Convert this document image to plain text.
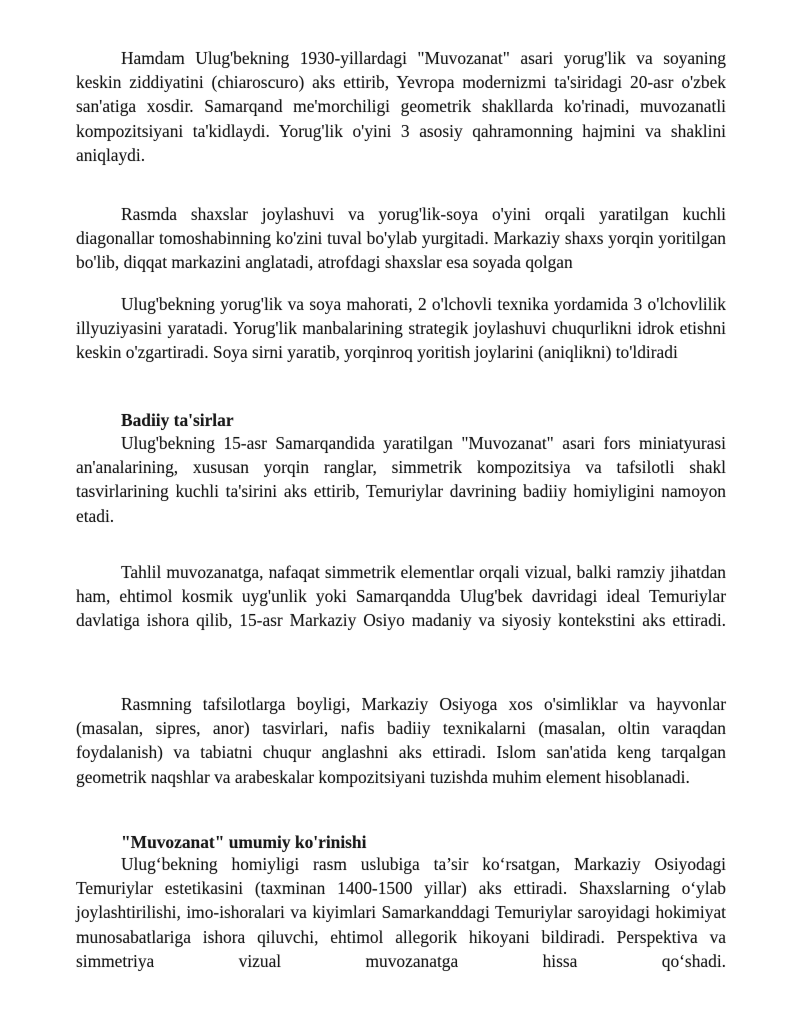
Hamdam Ulug'bekning 1930-yillardagi "Muvozanat" asari yorug'lik va soyaning keskin ziddiyatini (chiaroscuro) aks ettirib, Yevropa modernizmi ta'siridagi 20-asr o'zbek san'atiga xosdir. Samarqand me'morchiligi geometrik shakllarda ko'rinadi, muvozanatli kompozitsiyani ta'kidlaydi. Yorug'lik o'yini 3 asosiy qahramonning hajmini va shaklini aniqlaydi.

Rasmda shaxslar joylashuvi va yorug'lik-soya o'yini orqali yaratilgan kuchli diagonallar tomoshabinning ko'zini tuval bo'ylab yurgitadi. Markaziy shaxs yorqin yoritilgan bo'lib, diqqat markazini anglatadi, atrofdagi shaxslar esa soyada qolgan

Ulug'bekning yorug'lik va soya mahorati, 2 o'lchovli texnika yordamida 3 o'lchovlilik illyuziyasini yaratadi. Yorug'lik manbalarining strategik joylashuvi chuqurlikni idrok etishni keskin o'zgartiradi. Soya sirni yaratib, yorqinroq yoritish joylarini (aniqlikni) to'ldiradi

Badiiy ta'sirlar

Ulug'bekning 15-asr Samarqandida yaratilgan "Muvozanat" asari fors miniatyurasi an'analarining, xususan yorqin ranglar, simmetrik kompozitsiya va tafsilotli shakl tasvirlarining kuchli ta'sirini aks ettirib, Temuriylar davrining badiiy homiyligini namoyon etadi.

Tahlil muvozanatga, nafaqat simmetrik elementlar orqali vizual, balki ramziy jihatdan ham, ehtimol kosmik uyg'unlik yoki Samarqandda Ulug'bek davridagi ideal Temuriylar davlatiga ishora qilib, 15-asr Markaziy Osiyo madaniy va siyosiy kontekstini aks ettiradi.

Rasmning tafsilotlarga boyligi, Markaziy Osiyoga xos o'simliklar va hayvonlar (masalan, sipres, anor) tasvirlari, nafis badiiy texnikalarni (masalan, oltin varaqdan foydalanish) va tabiatni chuqur anglashni aks ettiradi. Islom san'atida keng tarqalgan geometrik naqshlar va arabeskalar kompozitsiyani tuzishda muhim element hisoblanadi.

"Muvozanat" umumiy ko'rinishi

Ulug‘bekning homiyligi rasm uslubiga ta’sir ko‘rsatgan, Markaziy Osiyodagi Temuriylar estetikasini (taxminan 1400-1500 yillar) aks ettiradi. Shaxslarning o‘ylab joylashtirilishi, imo-ishoralari va kiyimlari Samarkanddagi Temuriylar saroyidagi hokimiyat munosabatlariga ishora qiluvchi, ehtimol allegorik hikoyani bildiradi. Perspektiva va simmetriya vizual muvozanatga hissa qo‘shadi.
